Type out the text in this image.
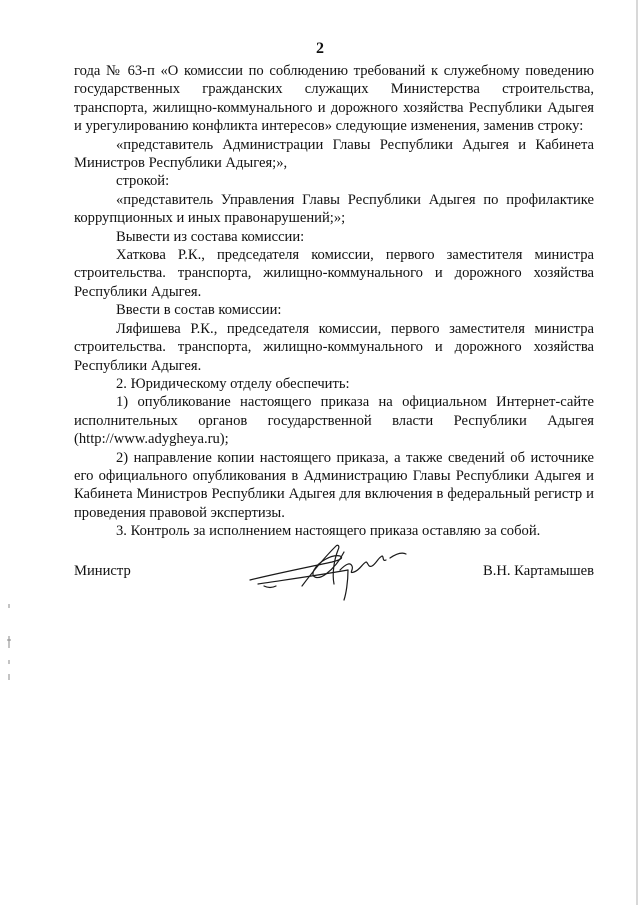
2

года № 63-п «О комиссии по соблюдению требований к служебному поведению государственных гражданских служащих Министерства строительства, транспорта, жилищно-коммунального и дорожного хозяйства Республики Адыгея и урегулированию конфликта интересов» следующие изменения, заменив строку:

«представитель Администрации Главы Республики Адыгея и Кабинета Министров Республики Адыгея;»,

строкой:

«представитель Управления Главы Республики Адыгея по профилактике коррупционных и иных правонарушений;»;

Вывести из состава комиссии:

Хаткова Р.К., председателя комиссии, первого заместителя министра строительства. транспорта, жилищно-коммунального и дорожного хозяйства Республики Адыгея.

Ввести в состав комиссии:

Ляфишева Р.К., председателя комиссии, первого заместителя министра строительства. транспорта, жилищно-коммунального и дорожного хозяйства Республики Адыгея.

2. Юридическому отделу обеспечить:

1) опубликование настоящего приказа на официальном Интернет-сайте исполнительных органов государственной власти Республики Адыгея (http://www.adygheya.ru);

2) направление копии настоящего приказа, а также сведений об источнике его официального опубликования в Администрацию Главы Республики Адыгея и Кабинета Министров Республики Адыгея для включения в федеральный регистр и проведения правовой экспертизы.

3. Контроль за исполнением настоящего приказа оставляю за собой.

Министр	В.Н. Картамышев
